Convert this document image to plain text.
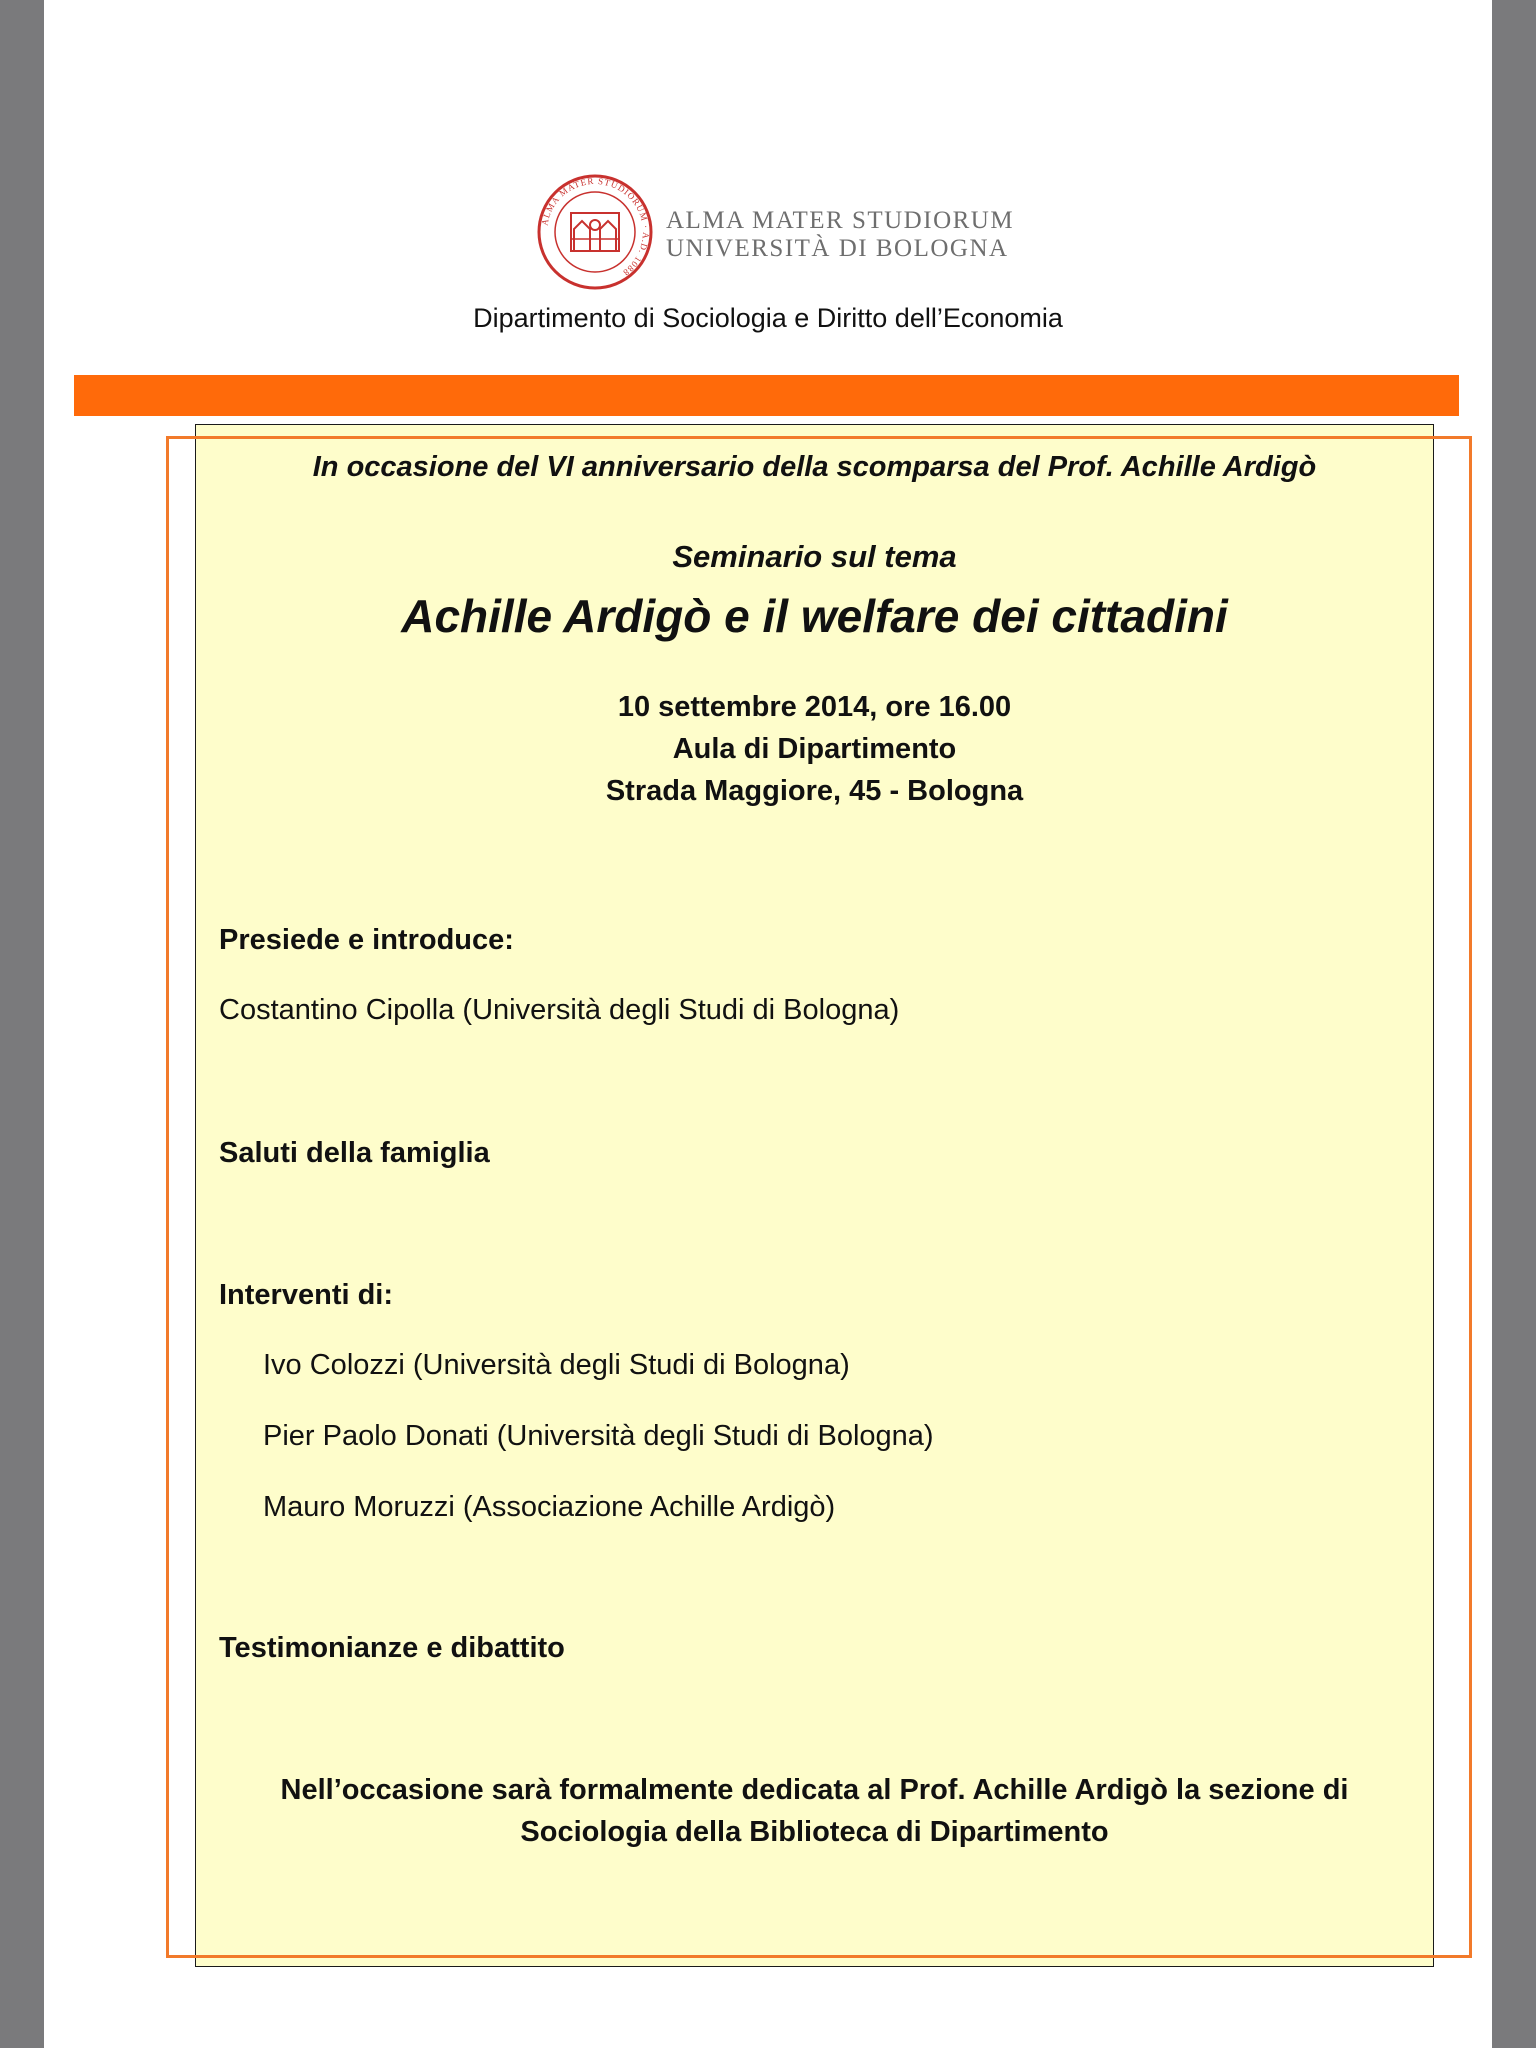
ALMA MATER STUDIORUM · A.D. 1088
ALMA MATER STUDIORUM
UNIVERSITÀ DI BOLOGNA
Dipartimento di Sociologia e Diritto dell’Economia
In occasione del VI anniversario della scomparsa del Prof. Achille Ardigò
Seminario sul tema
Achille Ardigò e il welfare dei cittadini
10 settembre 2014, ore 16.00
Aula di Dipartimento
Strada Maggiore, 45 - Bologna
Presiede e introduce:
Costantino Cipolla (Università degli Studi di Bologna)
Saluti della famiglia
Interventi di:
Ivo Colozzi (Università degli Studi di Bologna)
Pier Paolo Donati (Università degli Studi di Bologna)
Mauro Moruzzi (Associazione Achille Ardigò)
Testimonianze e dibattito
Nell’occasione sarà formalmente dedicata al Prof. Achille Ardigò la sezione di
Sociologia della Biblioteca di Dipartimento
